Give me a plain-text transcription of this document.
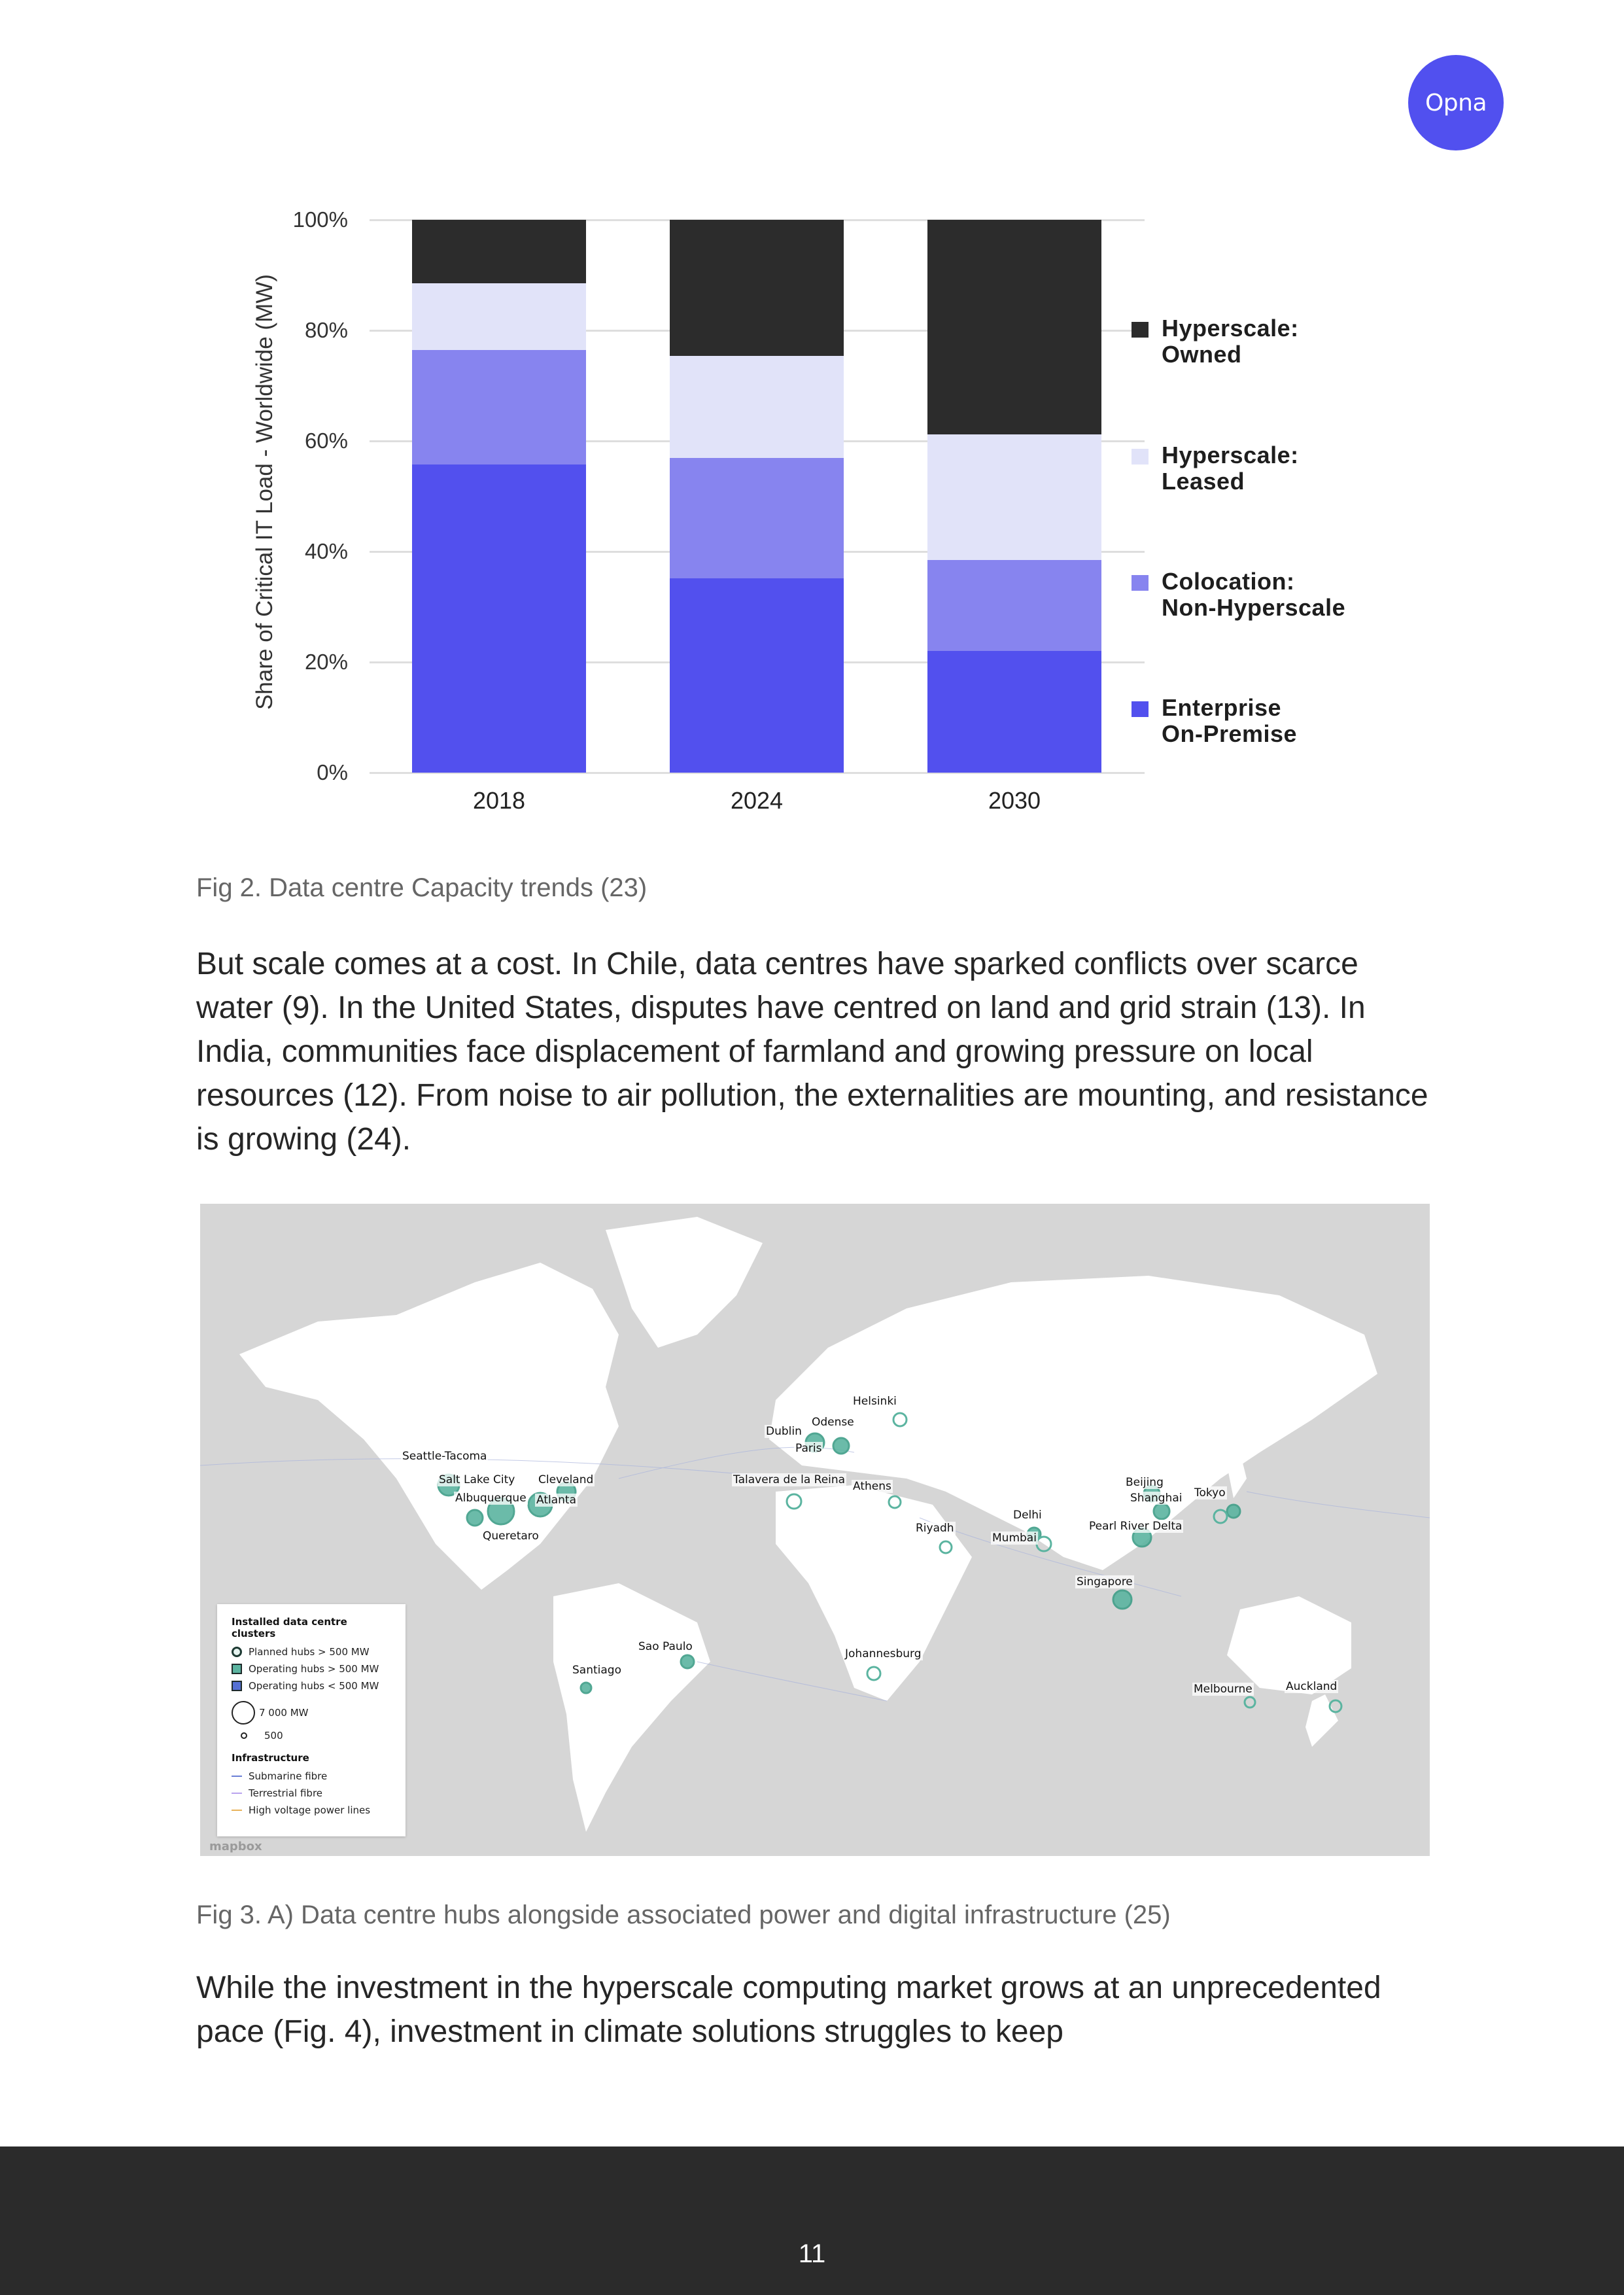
Opna
0%
20%
40%
60%
80%
100%
Share of Critical IT Load - Worldwide (MW)
2018	2024	2030
Hyperscale:
Owned
Hyperscale:
Leased
Colocation:
Non-Hyperscale
Enterprise
On-Premise
Fig 2. Data centre Capacity trends (23)
But scale comes at a cost. In Chile, data centres have sparked conflicts over scarce water (9). In the United States, disputes have centred on land and grid strain (13). In India, communities face displacement of farmland and growing pressure on local resources (12). From noise to air pollution, the externalities are mounting, and resistance is growing (24).
Seattle-Tacoma
Salt Lake City Cleveland
Albuquerque Atlanta
Queretaro
Helsinki
Odense
Dublin
Paris
Talavera de la Reina Athens
Riyadh
Delhi
Mumbai
Beijing
Tokyo
Shanghai
Pearl River Delta
Singapore
Sao Paulo
Johannesburg
Santiago
Melbourne	Auckland
Installed data centre clusters
Planned hubs > 500 MW
Operating hubs > 500 MW
Operating hubs < 500 MW
7 000 MW
500
Infrastructure
Submarine fibre
Terrestrial fibre
High voltage power lines
mapbox
Fig 3. A) Data centre hubs alongside associated power and digital infrastructure (25)
While the investment in the hyperscale computing market grows at an unprecedented pace (Fig. 4), investment in climate solutions struggles to keep
11
